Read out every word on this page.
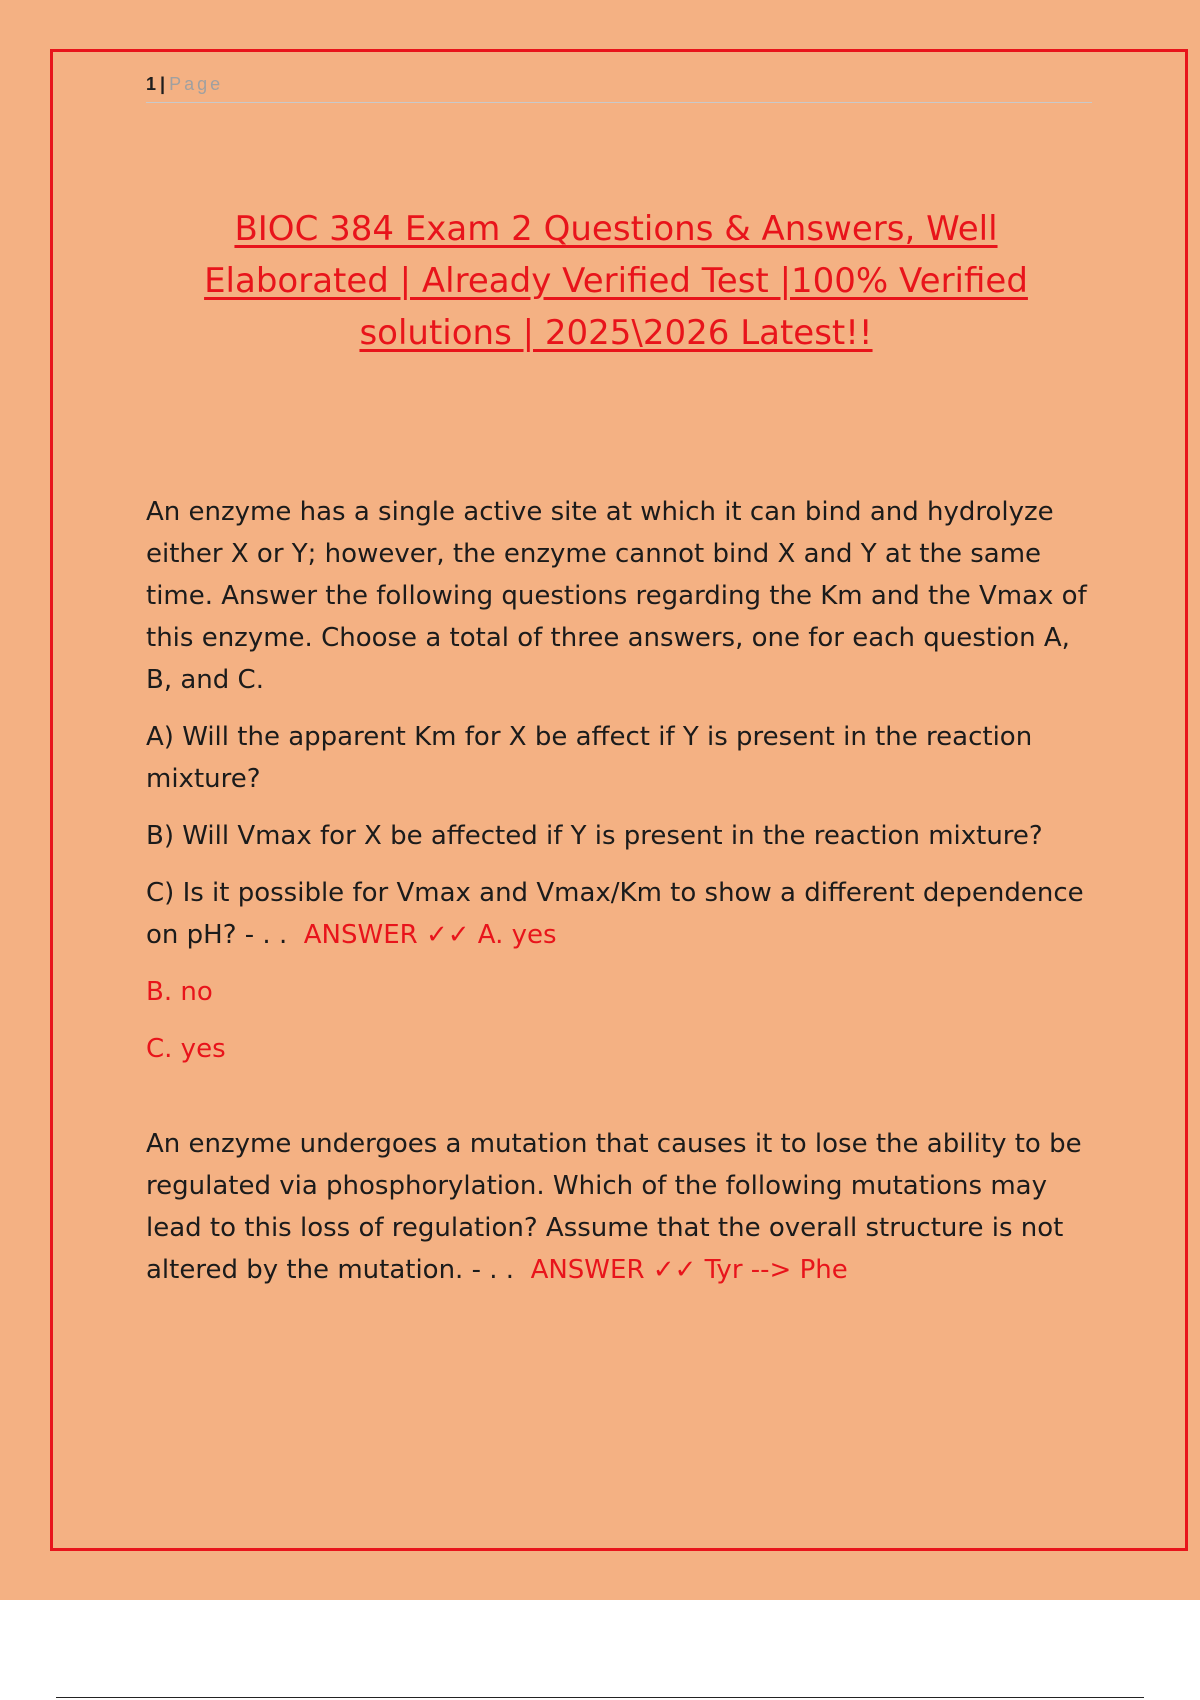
1 | Page
BIOC 384 Exam 2 Questions & Answers, Well Elaborated | Already Verified Test |100% Verified solutions | 2025\2026 Latest!!

An enzyme has a single active site at which it can bind and hydrolyze either X or Y; however, the enzyme cannot bind X and Y at the same time. Answer the following questions regarding the Km and the Vmax of this enzyme. Choose a total of three answers, one for each question A, B, and C.

A) Will the apparent Km for X be affect if Y is present in the reaction mixture?

B) Will Vmax for X be affected if Y is present in the reaction mixture?

C) Is it possible for Vmax and Vmax/Km to show a different dependence on pH? - . . ANSWER ✓✓ A. yes

B. no

C. yes

An enzyme undergoes a mutation that causes it to lose the ability to be regulated via phosphorylation. Which of the following mutations may lead to this loss of regulation? Assume that the overall structure is not altered by the mutation. - . . ANSWER ✓✓ Tyr --> Phe
